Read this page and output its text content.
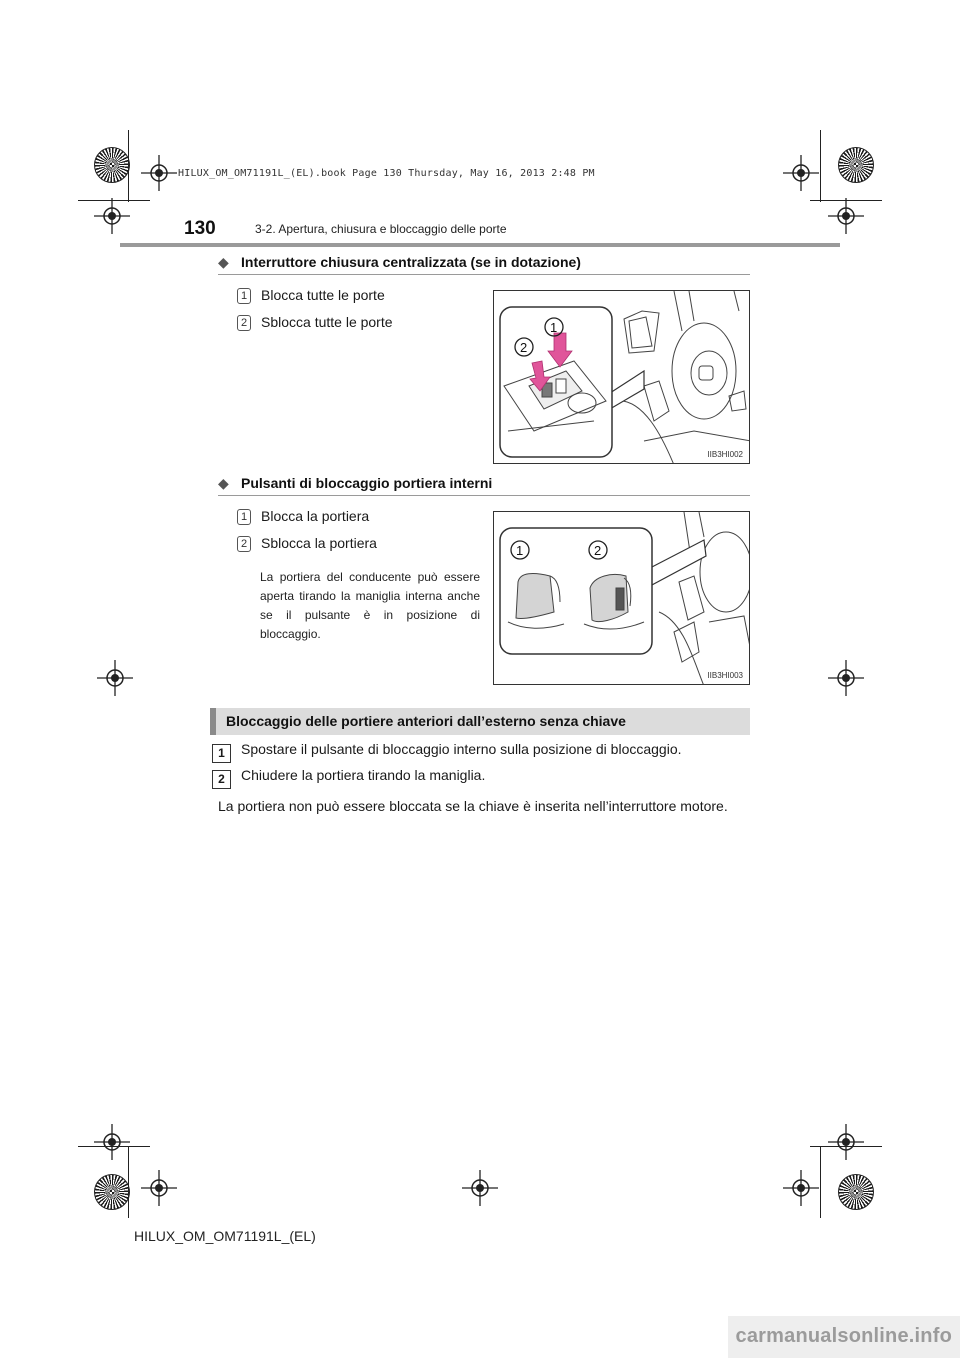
HILUX_OM_OM71191L_(EL).book Page 130 Thursday, May 16, 2013 2:48 PM
130	3-2. Apertura, chiusura e bloccaggio delle porte
◆ Interruttore chiusura centralizzata (se in dotazione)
1 Blocca tutte le porte
2 Sblocca tutte le porte	1
2
IIB3HI002
◆ Pulsanti di bloccaggio portiera interni
1 Blocca la portiera
2 Sblocca la portiera
La portiera del conducente può essere aperta tirando la maniglia interna anche se il pulsante è in posizione di bloccaggio.
1	2
IIB3HI003
Bloccaggio delle portiere anteriori dall’esterno senza chiave
1 Spostare il pulsante di bloccaggio interno sulla posizione di bloccaggio.
2 Chiudere la portiera tirando la maniglia.
La portiera non può essere bloccata se la chiave è inserita nell’interruttore motore.
HILUX_OM_OM71191L_(EL)
carmanualsonline.info
